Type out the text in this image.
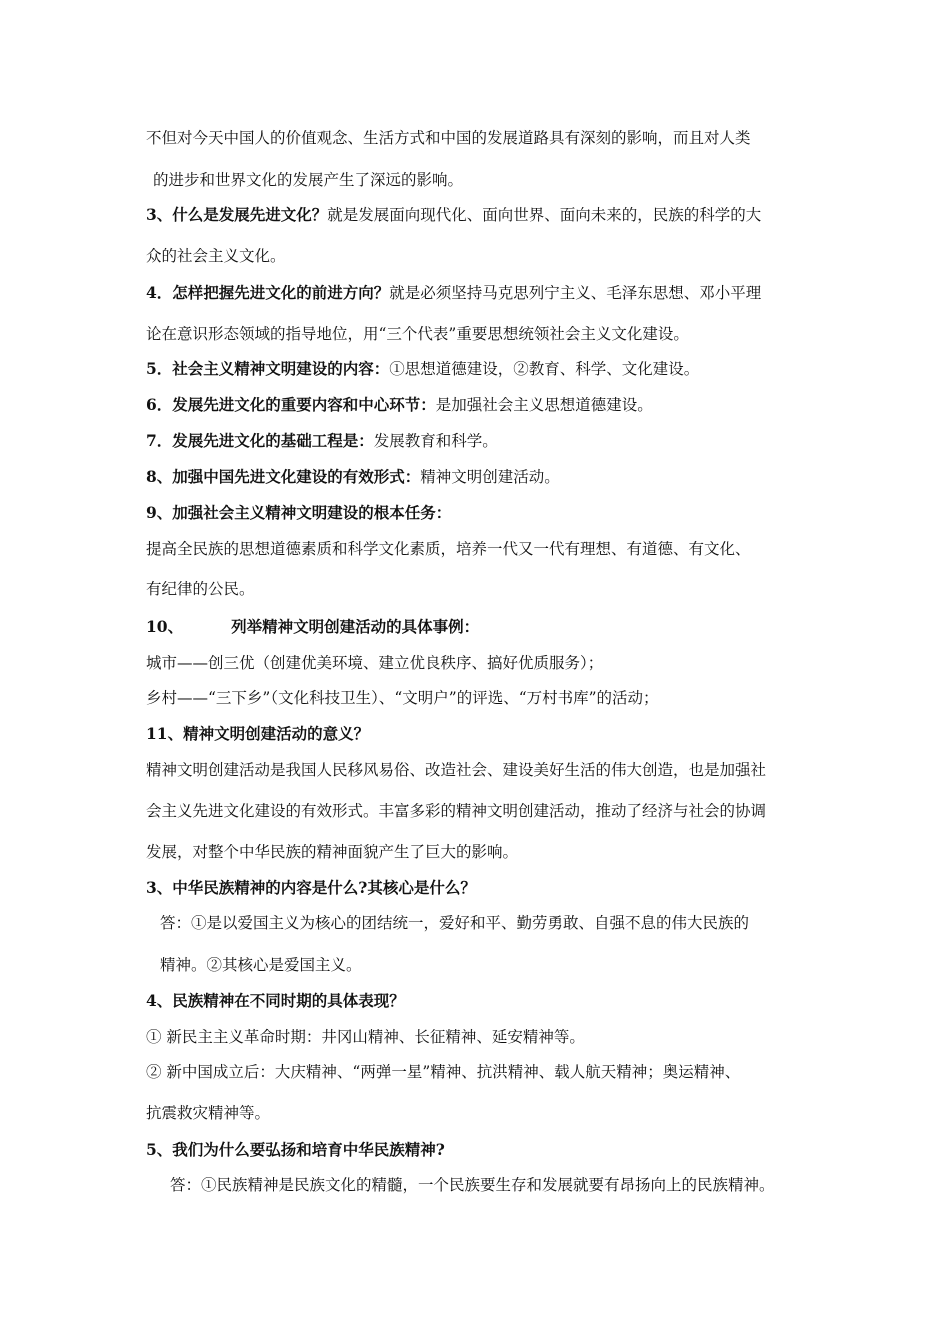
不但对今天中国人的价值观念、生活方式和中国的发展道路具有深刻的影响，而且对人类
的进步和世界文化的发展产生了深远的影响。
3、什么是发展先进文化？就是发展面向现代化、面向世界、面向未来的，民族的科学的大
众的社会主义文化。
4．怎样把握先进文化的前进方向？就是必须坚持马克思列宁主义、毛泽东思想、邓小平理
论在意识形态领域的指导地位，用“三个代表”重要思想统领社会主义文化建设。
5．社会主义精神文明建设的内容：①思想道德建设，②教育、科学、文化建设。
6．发展先进文化的重要内容和中心环节：是加强社会主义思想道德建设。
7．发展先进文化的基础工程是：发展教育和科学。
8、加强中国先进文化建设的有效形式：精神文明创建活动。
9、加强社会主义精神文明建设的根本任务：
提高全民族的思想道德素质和科学文化素质，培养一代又一代有理想、有道德、有文化、
有纪律的公民。
10、	列举精神文明创建活动的具体事例：
城市——创三优（创建优美环境、建立优良秩序、搞好优质服务）；
乡村——“三下乡”（文化科技卫生）、“文明户”的评选、“万村书库”的活动；
11、精神文明创建活动的意义？
精神文明创建活动是我国人民移风易俗、改造社会、建设美好生活的伟大创造，也是加强社
会主义先进文化建设的有效形式。丰富多彩的精神文明创建活动，推动了经济与社会的协调
发展，对整个中华民族的精神面貌产生了巨大的影响。
3、中华民族精神的内容是什么?其核心是什么？
答：①是以爱国主义为核心的团结统一，爱好和平、勤劳勇敢、自强不息的伟大民族的
精神。②其核心是爱国主义。
4、民族精神在不同时期的具体表现？
① 新民主主义革命时期：井冈山精神、长征精神、延安精神等。
② 新中国成立后：大庆精神、“两弹一星”精神、抗洪精神、载人航天精神；奥运精神、
抗震救灾精神等。
5、我们为什么要弘扬和培育中华民族精神?
答：①民族精神是民族文化的精髓，一个民族要生存和发展就要有昂扬向上的民族精神。
